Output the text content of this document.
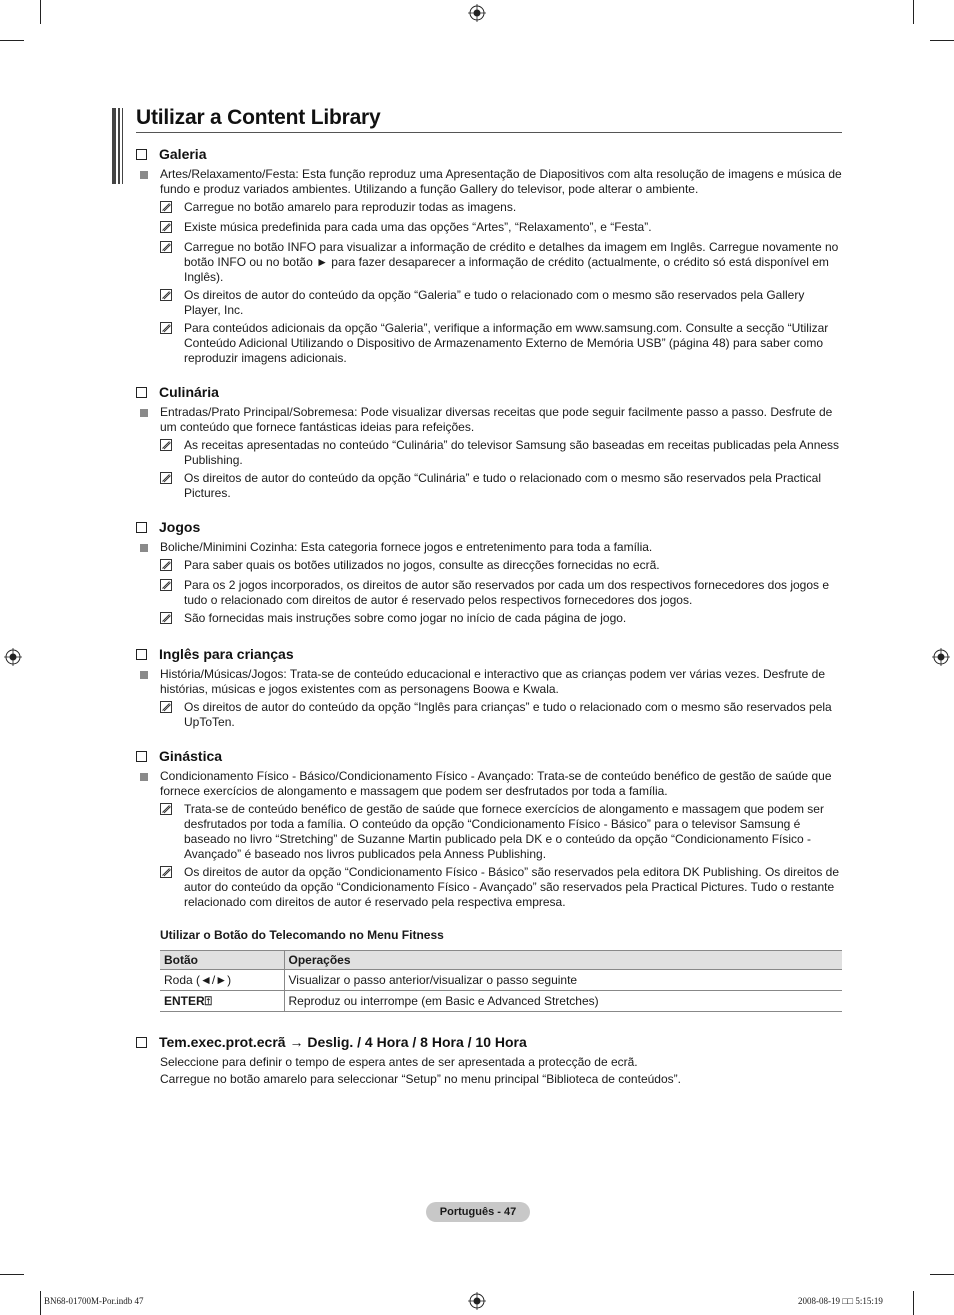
Utilizar a Content Library
Galeria
Artes/Relaxamento/Festa: Esta função reproduz uma Apresentação de Diapositivos com alta resolução de imagens e música de fundo e produz variados ambientes. Utilizando a função Gallery do televisor, pode alterar o ambiente.
Carregue no botão amarelo para reproduzir todas as imagens.
Existe música predefinida para cada uma das opções “Artes”, “Relaxamento”, e “Festa”.
Carregue no botão INFO para visualizar a informação de crédito e detalhes da imagem em Inglês. Carregue novamente no botão INFO ou no botão ► para fazer desaparecer a informação de crédito (actualmente, o crédito só está disponível em Inglês).
Os direitos de autor do conteúdo da opção “Galeria” e tudo o relacionado com o mesmo são reservados pela Gallery Player, Inc.
Para conteúdos adicionais da opção “Galeria”, verifique a informação em www.samsung.com. Consulte a secção “Utilizar Conteúdo Adicional Utilizando o Dispositivo de Armazenamento Externo de Memória USB” (página 48) para saber como reproduzir imagens adicionais.
Culinária
Entradas/Prato Principal/Sobremesa: Pode visualizar diversas receitas que pode seguir facilmente passo a passo. Desfrute de um conteúdo que fornece fantásticas ideias para refeições.
As receitas apresentadas no conteúdo “Culinária” do televisor Samsung são baseadas em receitas publicadas pela Anness Publishing.
Os direitos de autor do conteúdo da opção “Culinária” e tudo o relacionado com o mesmo são reservados pela Practical Pictures.
Jogos
Boliche/Minimini Cozinha: Esta categoria fornece jogos e entretenimento para toda a família.
Para saber quais os botões utilizados no jogos, consulte as direcções fornecidas no ecrã.
Para os 2 jogos incorporados, os direitos de autor são reservados por cada um dos respectivos fornecedores dos jogos e tudo o relacionado com direitos de autor é reservado pelos respectivos fornecedores dos jogos.
São fornecidas mais instruções sobre como jogar no início de cada página de jogo.
Inglês para crianças
História/Músicas/Jogos: Trata-se de conteúdo educacional e interactivo que as crianças podem ver várias vezes. Desfrute de histórias, músicas e jogos existentes com as personagens Boowa e Kwala.
Os direitos de autor do conteúdo da opção “Inglês para crianças” e tudo o relacionado com o mesmo são reservados pela UpToTen.
Ginástica
Condicionamento Físico - Básico/Condicionamento Físico - Avançado: Trata-se de conteúdo benéfico de gestão de saúde que fornece exercícios de alongamento e massagem que podem ser desfrutados por toda a família.
Trata-se de conteúdo benéfico de gestão de saúde que fornece exercícios de alongamento e massagem que podem ser desfrutados por toda a família. O conteúdo da opção “Condicionamento Físico - Básico” para o televisor Samsung é baseado no livro “Stretching” de Suzanne Martin publicado pela DK e o conteúdo da opção “Condicionamento Físico - Avançado” é baseado nos livros publicados pela Anness Publishing.
Os direitos de autor da opção “Condicionamento Físico - Básico” são reservados pela editora DK Publishing. Os direitos de autor do conteúdo da opção “Condicionamento Físico - Avançado” são reservados pela Practical Pictures. Tudo o restante relacionado com direitos de autor é reservado pela respectiva empresa.
Utilizar o Botão do Telecomando no Menu Fitness
Botão	Operações
Roda (◄/►)	Visualizar o passo anterior/visualizar o passo seguinte
ENTER⍐	Reproduz ou interrompe (em Basic e Advanced Stretches)
Tem.exec.prot.ecrã → Deslig. / 4 Hora / 8 Hora / 10 Hora
Seleccione para definir o tempo de espera antes de ser apresentada a protecção de ecrã.
Carregue no botão amarelo para seleccionar “Setup” no menu principal “Biblioteca de conteúdos”.
Português - 47
BN68-01700M-Por.indb 47	2008-08-19 □□ 5:15:19
